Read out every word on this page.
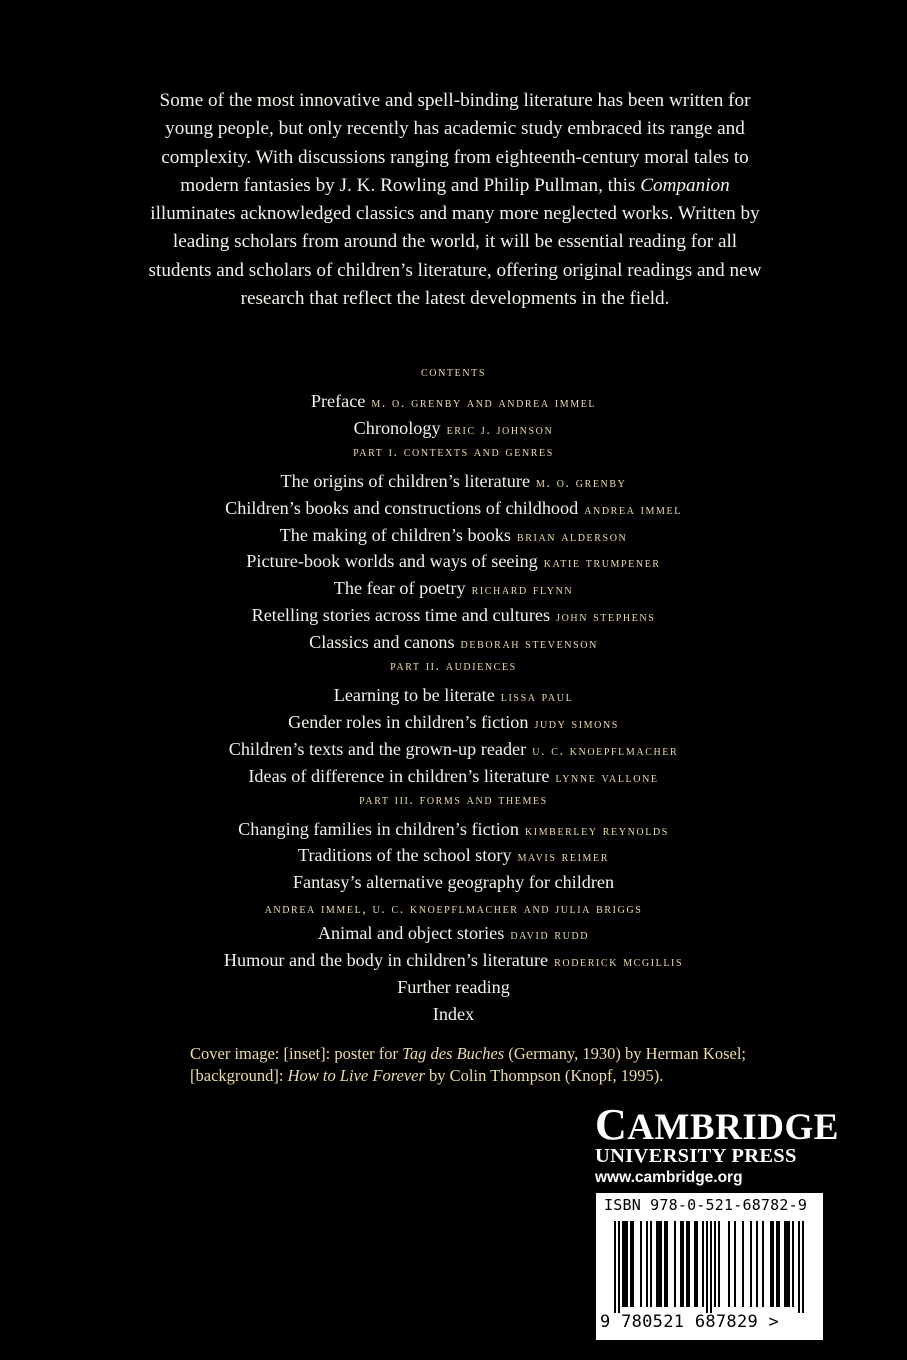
Some of the most innovative and spell-binding literature has been written for young people, but only recently has academic study embraced its range and complexity. With discussions ranging from eighteenth-century moral tales to modern fantasies by J. K. Rowling and Philip Pullman, this Companion illuminates acknowledged classics and many more neglected works. Written by leading scholars from around the world, it will be essential reading for all students and scholars of children’s literature, offering original readings and new research that reflect the latest developments in the field.

contents
Preface m. o. grenby and andrea immel
Chronology eric j. johnson
part i. contexts and genres
The origins of children’s literature m. o. grenby
Children’s books and constructions of childhood andrea immel
The making of children’s books brian alderson
Picture-book worlds and ways of seeing katie trumpener
The fear of poetry richard flynn
Retelling stories across time and cultures john stephens
Classics and canons deborah stevenson
part ii. audiences
Learning to be literate lissa paul
Gender roles in children’s fiction judy simons
Children’s texts and the grown-up reader u. c. knoepflmacher
Ideas of difference in children’s literature lynne vallone
part iii. forms and themes
Changing families in children’s fiction kimberley reynolds
Traditions of the school story mavis reimer
Fantasy’s alternative geography for children
andrea immel, u. c. knoepflmacher and julia briggs
Animal and object stories david rudd
Humour and the body in children’s literature roderick mcgillis
Further reading
Index
Cover image: [inset]: poster for Tag des Buches (Germany, 1930) by Herman Kosel; [background]: How to Live Forever by Colin Thompson (Knopf, 1995).
CAMBRIDGE
UNIVERSITY PRESS
www.cambridge.org
ISBN 978-0-521-68782-9
9 780521 687829 >
